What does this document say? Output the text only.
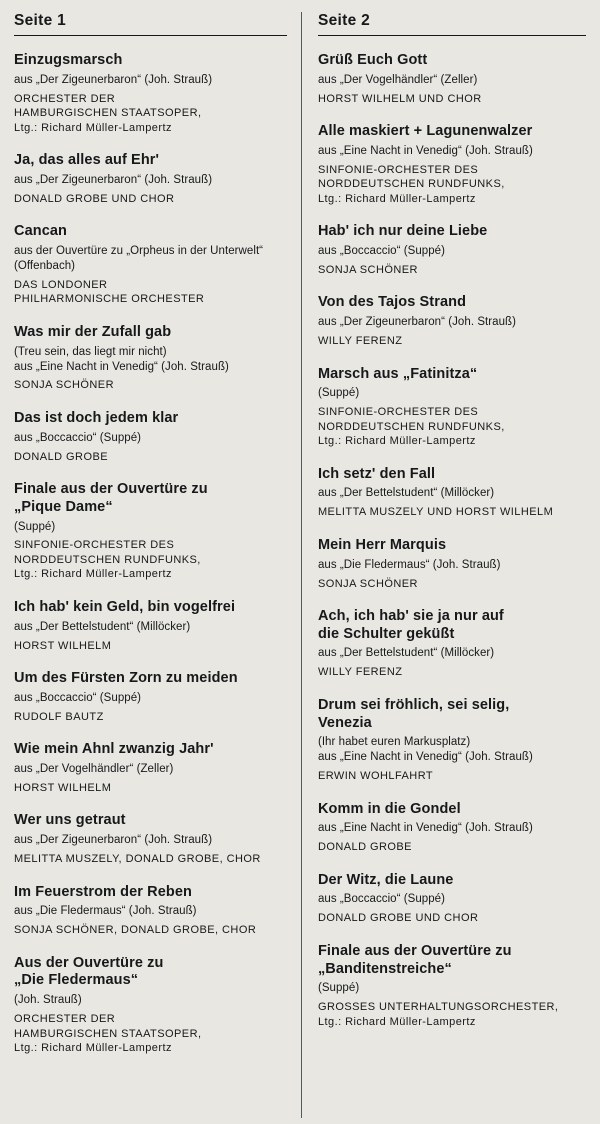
Seite 1
Einzugsmarsch
aus „Der Zigeunerbaron“ (Joh. Strauß)
ORCHESTER DER
HAMBURGISCHEN STAATSOPER,
Ltg.: Richard Müller-Lampertz
Ja, das alles auf Ehr'
aus „Der Zigeunerbaron“ (Joh. Strauß)
DONALD GROBE UND CHOR
Cancan
aus der Ouvertüre zu „Orpheus in der Unterwelt“
(Offenbach)
DAS LONDONER
PHILHARMONISCHE ORCHESTER
Was mir der Zufall gab
(Treu sein, das liegt mir nicht)
aus „Eine Nacht in Venedig“ (Joh. Strauß)
SONJA SCHÖNER
Das ist doch jedem klar
aus „Boccaccio“ (Suppé)
DONALD GROBE
Finale aus der Ouvertüre zu
„Pique Dame“
(Suppé)
SINFONIE-ORCHESTER DES
NORDDEUTSCHEN RUNDFUNKS,
Ltg.: Richard Müller-Lampertz
Ich hab' kein Geld, bin vogelfrei
aus „Der Bettelstudent“ (Millöcker)
HORST WILHELM
Um des Fürsten Zorn zu meiden
aus „Boccaccio“ (Suppé)
RUDOLF BAUTZ
Wie mein Ahnl zwanzig Jahr'
aus „Der Vogelhändler“ (Zeller)
HORST WILHELM
Wer uns getraut
aus „Der Zigeunerbaron“ (Joh. Strauß)
MELITTA MUSZELY, DONALD GROBE, CHOR
Im Feuerstrom der Reben
aus „Die Fledermaus“ (Joh. Strauß)
SONJA SCHÖNER, DONALD GROBE, CHOR
Aus der Ouvertüre zu
„Die Fledermaus“
(Joh. Strauß)
ORCHESTER DER
HAMBURGISCHEN STAATSOPER,
Ltg.: Richard Müller-Lampertz
Seite 2
Grüß Euch Gott
aus „Der Vogelhändler“ (Zeller)
HORST WILHELM UND CHOR
Alle maskiert + Lagunenwalzer
aus „Eine Nacht in Venedig“ (Joh. Strauß)
SINFONIE-ORCHESTER DES
NORDDEUTSCHEN RUNDFUNKS,
Ltg.: Richard Müller-Lampertz
Hab' ich nur deine Liebe
aus „Boccaccio“ (Suppé)
SONJA SCHÖNER
Von des Tajos Strand
aus „Der Zigeunerbaron“ (Joh. Strauß)
WILLY FERENZ
Marsch aus „Fatinitza“
(Suppé)
SINFONIE-ORCHESTER DES
NORDDEUTSCHEN RUNDFUNKS,
Ltg.: Richard Müller-Lampertz
Ich setz' den Fall
aus „Der Bettelstudent“ (Millöcker)
MELITTA MUSZELY UND HORST WILHELM
Mein Herr Marquis
aus „Die Fledermaus“ (Joh. Strauß)
SONJA SCHÖNER
Ach, ich hab' sie ja nur auf
die Schulter geküßt
aus „Der Bettelstudent“ (Millöcker)
WILLY FERENZ
Drum sei fröhlich, sei selig,
Venezia
(Ihr habet euren Markusplatz)
aus „Eine Nacht in Venedig“ (Joh. Strauß)
ERWIN WOHLFAHRT
Komm in die Gondel
aus „Eine Nacht in Venedig“ (Joh. Strauß)
DONALD GROBE
Der Witz, die Laune
aus „Boccaccio“ (Suppé)
DONALD GROBE UND CHOR
Finale aus der Ouvertüre zu
„Banditenstreiche“
(Suppé)
GROSSES UNTERHALTUNGSORCHESTER,
Ltg.: Richard Müller-Lampertz
